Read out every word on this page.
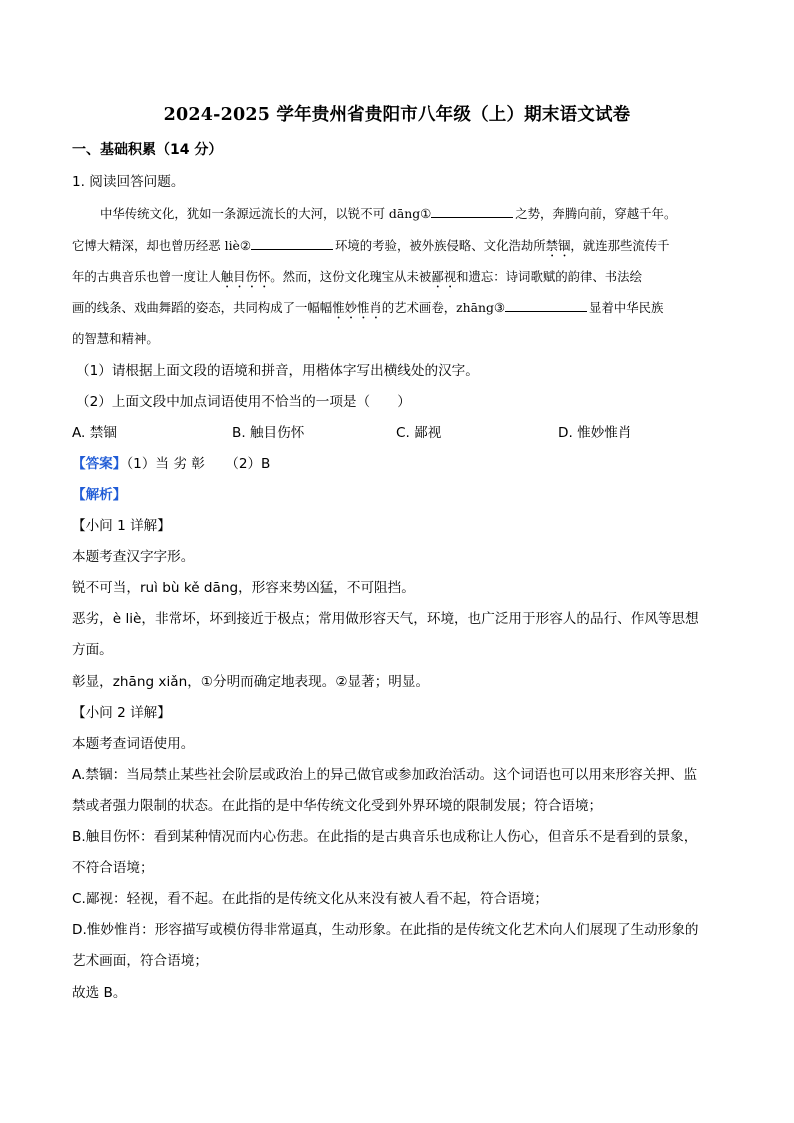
2024-2025 学年贵州省贵阳市八年级（上）期末语文试卷
一、基础积累（14 分）
1. 阅读回答问题。
中华传统文化，犹如一条源远流长的大河，以锐不可 dāng①	之势，奔腾向前，穿越千年。
它博大精深，却也曾历经恶 liè②	环境的考验，被外族侵略、文化浩劫所禁锢，就连那些流传千
年的古典音乐也曾一度让人触目伤怀。然而，这份文化瑰宝从未被鄙视和遗忘：诗词歌赋的韵律、书法绘
画的线条、戏曲舞蹈的姿态，共同构成了一幅幅惟妙惟肖的艺术画卷，zhāng③	显着中华民族
的智慧和精神。
（1）请根据上面文段的语境和拼音，用楷体字写出横线处的汉字。
（2）上面文段中加点词语使用不恰当的一项是（　　）
A. 禁锢	B. 触目伤怀	C. 鄙视	D. 惟妙惟肖
【答案】（1）当 劣 彰　　（2）B
【解析】
【小问 1 详解】
本题考查汉字字形。
锐不可当，ruì bù kě dāng，形容来势凶猛，不可阻挡。
恶劣，è liè，非常坏，坏到接近于极点；常用做形容天气，环境，也广泛用于形容人的品行、作风等思想
方面。
彰显，zhāng xiǎn，①分明而确定地表现。②显著；明显。
【小问 2 详解】
本题考查词语使用。
A.禁锢：当局禁止某些社会阶层或政治上的异己做官或参加政治活动。这个词语也可以用来形容关押、监
禁或者强力限制的状态。在此指的是中华传统文化受到外界环境的限制发展；符合语境；
B.触目伤怀：看到某种情况而内心伤悲。在此指的是古典音乐也成称让人伤心，但音乐不是看到的景象，
不符合语境；
C.鄙视：轻视，看不起。在此指的是传统文化从来没有被人看不起，符合语境；
D.惟妙惟肖：形容描写或模仿得非常逼真，生动形象。在此指的是传统文化艺术向人们展现了生动形象的
艺术画面，符合语境；
故选 B。
